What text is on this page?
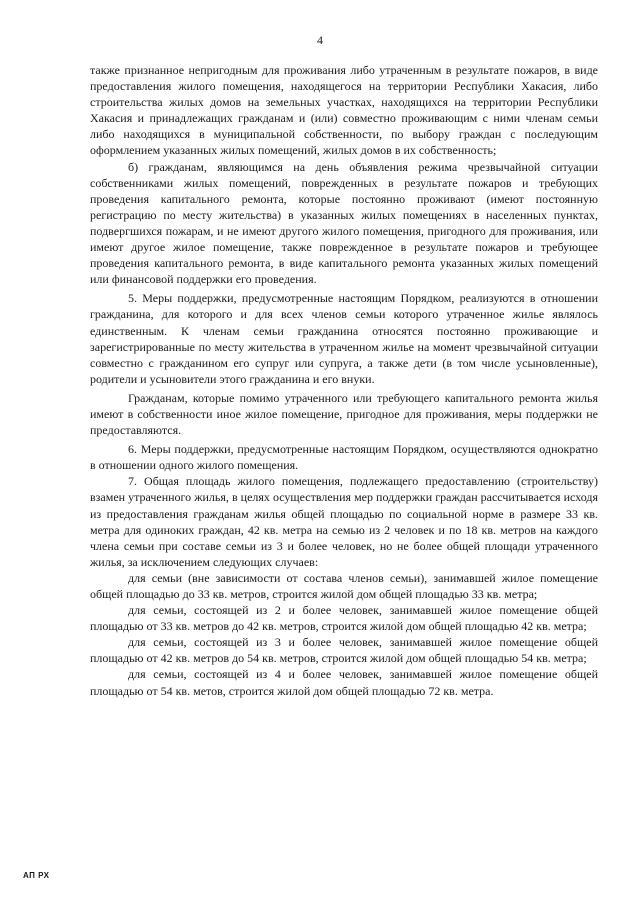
4

также признанное непригодным для проживания либо утраченным в результате пожаров, в виде предоставления жилого помещения, находящегося на территории Республики Хакасия, либо строительства жилых домов на земельных участках, находящихся на территории Республики Хакасия и принадлежащих гражданам и (или) совместно проживающим с ними членам семьи либо находящихся в муниципальной собственности, по выбору граждан с последующим оформлением указанных жилых помещений, жилых домов в их собственность;

б) гражданам, являющимся на день объявления режима чрезвычайной ситуации собственниками жилых помещений, поврежденных в результате пожаров и требующих проведения капитального ремонта, которые постоянно проживают (имеют постоянную регистрацию по месту жительства) в указанных жилых помещениях в населенных пунктах, подвергшихся пожарам, и не имеют другого жилого помещения, пригодного для проживания, или имеют другое жилое помещение, также поврежденное в результате пожаров и требующее проведения капитального ремонта, в виде капитального ремонта указанных жилых помещений или финансовой поддержки его проведения.

5. Меры поддержки, предусмотренные настоящим Порядком, реализуются в отношении гражданина, для которого и для всех членов семьи которого утраченное жилье являлось единственным. К членам семьи гражданина относятся постоянно проживающие и зарегистрированные по месту жительства в утраченном жилье на момент чрезвычайной ситуации совместно с гражданином его супруг или супруга, а также дети (в том числе усыновленные), родители и усыновители этого гражданина и его внуки.

Гражданам, которые помимо утраченного или требующего капитального ремонта жилья имеют в собственности иное жилое помещение, пригодное для проживания, меры поддержки не предоставляются.

6. Меры поддержки, предусмотренные настоящим Порядком, осуществляются однократно в отношении одного жилого помещения.

7. Общая площадь жилого помещения, подлежащего предоставлению (строительству) взамен утраченного жилья, в целях осуществления мер поддержки граждан рассчитывается исходя из предоставления гражданам жилья общей площадью по социальной норме в размере 33 кв. метра для одиноких граждан, 42 кв. метра на семью из 2 человек и по 18 кв. метров на каждого члена семьи при составе семьи из 3 и более человек, но не более общей площади утраченного жилья, за исключением следующих случаев:

для семьи (вне зависимости от состава членов семьи), занимавшей жилое помещение общей площадью до 33 кв. метров, строится жилой дом общей площадью 33 кв. метра;

для семьи, состоящей из 2 и более человек, занимавшей жилое помещение общей площадью от 33 кв. метров до 42 кв. метров, строится жилой дом общей площадью 42 кв. метра;

для семьи, состоящей из 3 и более человек, занимавшей жилое помещение общей площадью от 42 кв. метров до 54 кв. метров, строится жилой дом общей площадью 54 кв. метра;

для семьи, состоящей из 4 и более человек, занимавшей жилое помещение общей площадью от 54 кв. метов, строится жилой дом общей площадью 72 кв. метра.

АП РХ
